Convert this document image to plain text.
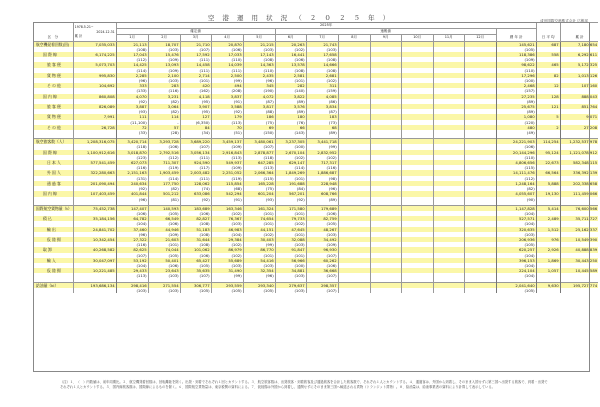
空 港 運 用 状 況 （ ２ ０ ２ ５ 年 ）	成田国際空港株式会社 広報部
区　分	1978.5.21~
2024.12.31
累 計	2025年													日 平 均	累 計
		確定値					速報値							暦 年 計		
		1月	2月	3月	4月	5月	6月	7月	8月	9月	10月	11月	12月			
航空機発着回数(回)	7,035,033	21,113	18,707	21,710	20,870	21,215	20,263	21,743						145,621	687	7,180,654
		(108)	(103)	(107)	(106)	(103)	(102)	(103)						(105)		
国 際 線	6,174,225	17,043	15,476	17,592	17,033	17,143	16,441	17,658						118,386	558	6,292,611
		(112)	(109)	(111)	(110)	(108)	(106)	(108)						(109)		
旅 客 便	5,073,703	14,425	13,093	14,458	14,039	14,363	13,578	14,666						98,622	465	5,172,325
		(114)	(109)	(111)	(111)	(110)	(108)	(108)						(110)		
貨 物 便	995,830	2,285	2,100	2,714	2,500	2,435	2,581	2,681						17,296	82	1,013,126
		(96)	(103)	(101)	(99)	(96)	(101)	(102)						(100)		
そ の 他	104,692	333	283	420	494	345	282	311						2,468	12	107,160
		(133)	(116)	(162)	(208)	(190)	(140)	(159)						(157)		
国 内 線	860,808	4,070	3,231	4,118	3,837	4,072	3,822	4,085						27,235	128	888,043
		(92)	(82)	(95)	(91)	(87)	(89)	(86)						(89)		
旅 客 便	826,089	3,887	3,064	3,907	3,588	3,817	3,576	3,834						25,675	121	851,764
		(93)	(82)	(95)	(92)	(88)	(89)	(87)						(89)		
貨 物 便	7,991	111	114	127	179	186	180	183						1,080	5	9,071
		(11,100)	-	(6,350)	(113)	(75)	(76)	(73)						(120)		
そ の 他	26,728	72	57	84	70	69	66	68						480	2	27,208
		(33)	(28)	(34)	(51)	(150)	(143)	(89)						(49)		

航空旅客数（人）	1,208,316,075	3,420,714	3,293,728	3,689,220	3,459,137	3,480,061	3,237,305	3,441,718						24,221,903	114,254	1,232,537,978
		(118)	(106)	(107)	(109)	(107)	(100)	(99)						(106)		
国 際 線	1,100,912,616	3,018,870	2,792,516	3,056,134	2,916,843	2,878,877	2,670,104	2,832,952						20,144,296	95,124	1,121,078,912
		(123)	(112)	(111)	(113)	(118)	(102)	(102)						(110)		
日 本 人	577,541,459	627,073	711,307	924,590	549,937	647,285	629,147	717,317						4,806,656	22,673	582,348,115
		(116)	(119)	(117)	(109)	(113)	(114)	(116)						(115)		
外 国 人	322,280,663	2,151,163	1,903,459	2,003,482	2,251,052	2,066,364	1,849,269	1,886,687						14,111,476	66,564	336,392,139
		(131)	(114)	(111)	(119)	(115)	(101)	(98)						(112)		
通 過 客	201,090,494	240,634	177,750	128,062	115,854	165,228	191,688	228,948						1,248,164	5,888	202,338,658
		(92)	(82)	(74)	(68)	(75)	(84)	(96)						(82)		
国 内 線	107,403,459	401,844	501,212	633,086	542,294	601,204	567,201	608,766						4,055,607	19,130	111,459,066
		(96)	(81)	(92)	(91)	(93)	(92)	(89)						(90)		

国際航空貨物量（t）	75,452,738	147,407	140,593	183,689	163,346	161,324	171,580	179,689						1,147,828	5,414	76,600,566
		(106)	(105)	(106)	(102)	(101)	(101)	(106)						(104)		
積 込	35,184,156	64,782	66,549	82,827	76,367	74,654	79,733	82,759						527,571	2,489	35,711,727
		(104)	(106)	(108)	(103)	(101)	(102)	(105)						(104)		
輸 出	24,841,702	37,460	44,946	51,183	46,983	44,151	47,645	48,267						320,635	1,512	25,162,337
		(96)	(109)	(108)	(104)	(102)	(101)	(103)						(103)		
仮 陸 揚	10,342,454	27,322	21,603	31,644	29,384	30,403	32,088	34,492						206,936	976	10,549,390
		(116)	(101)	(108)	(102)	(99)	(103)	(109)						(105)		
取 卸	40,268,582	82,625	74,044	101,062	86,979	86,770	91,847	96,930						620,257	2,926	40,888,839
		(107)	(105)	(106)	(102)	(101)	(101)	(107)						(104)		
輸 入	30,047,097	53,192	50,401	65,427	55,689	54,416	56,966	60,262						396,153	1,869	30,443,250
		(104)	(106)	(105)	(103)	(103)	(100)	(106)						(104)		
仮 陸 揚	10,221,485	29,433	23,643	35,635	31,490	32,354	34,881	36,668						224,104	1,057	10,445,589
		(113)	(103)	(107)	(99)	(96)	(103)	(107)						(104)		

給油量（kl）	193,686,134	298,416	271,554	306,777	293,559	293,340	279,637	298,357						2,041,640	9,630	195,727,774
		(103)	(103)	(105)	(105)	(105)	(103)	(107)						(105)		
（注）１．（　）内数値は、前年同期比。２．航空機発着回数は、回転離陸を除く。出発・到着でそれぞれ１回とカウントする。３．航空旅客数は、出発旅客・到着旅客及び通過旅客を合計した旅客数で、それぞれ１人とカウントする。４．通過客は、外国から到着し、そのまま入国せずに第三国へ出発する旅客で、到着・出発で
それぞれ１人とカウントする。５．国内線旅客数は、国際線によるものを除く。６．国際航空貨物量は、東京税関の資料による。７．仮陸揚は外国から到着し、通関せずにそのまま第三国へ輸送される貨物（トランジット貨物）。８．給油量は、給油事業者の資料により計算して表示している。
